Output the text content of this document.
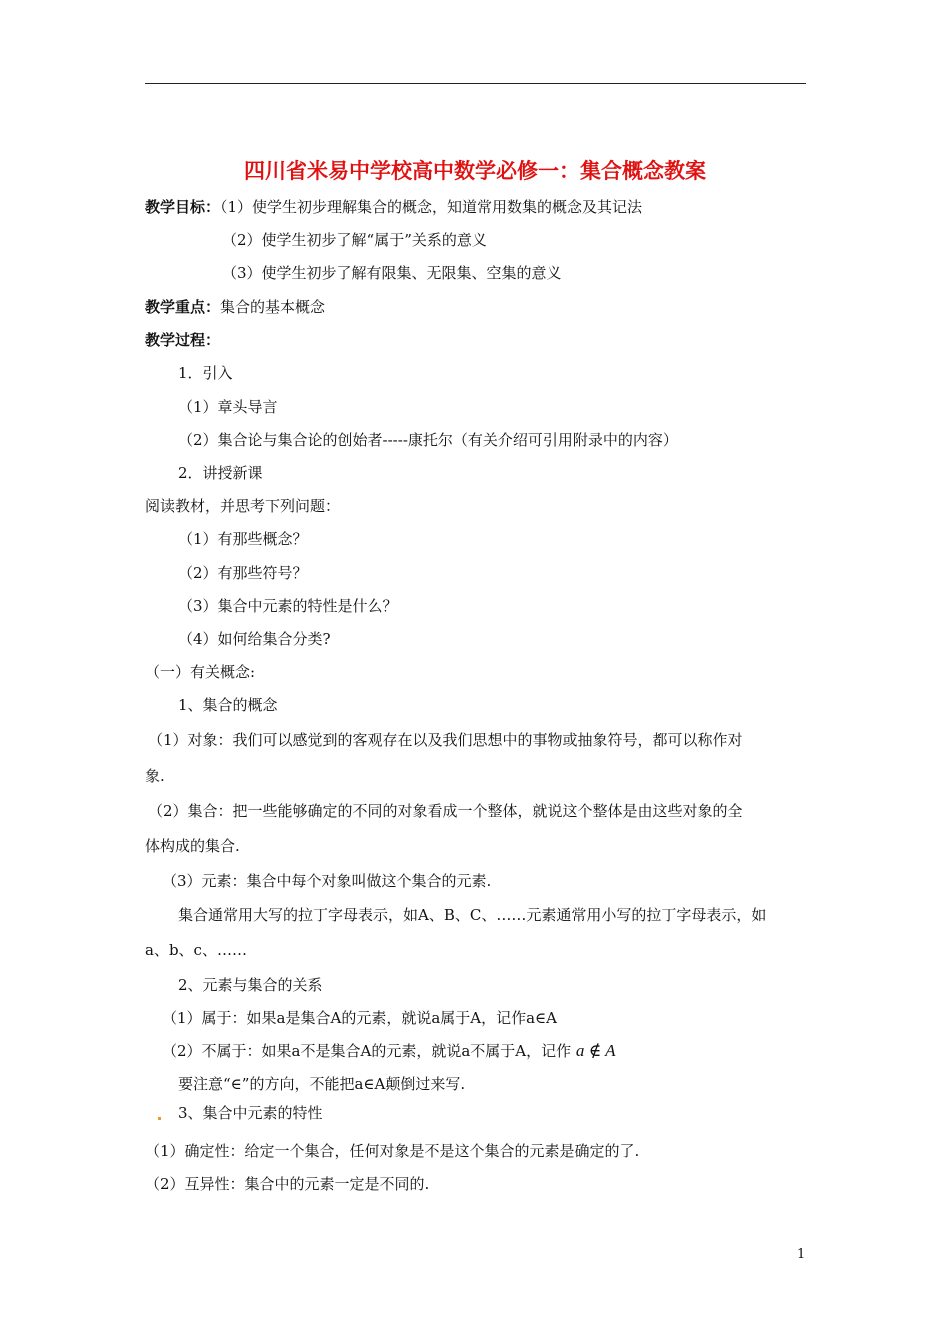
四川省米易中学校高中数学必修一：集合概念教案
教学目标：（1）使学生初步理解集合的概念，知道常用数集的概念及其记法
（2）使学生初步了解“属于”关系的意义
（3）使学生初步了解有限集、无限集、空集的意义
教学重点：集合的基本概念
教学过程：
1．引入
（1）章头导言
（2）集合论与集合论的创始者-----康托尔（有关介绍可引用附录中的内容）
2．讲授新课
阅读教材，并思考下列问题：
（1）有那些概念？
（2）有那些符号？
（3）集合中元素的特性是什么？
（4）如何给集合分类?
（一）有关概念:
1、集合的概念
（1）对象：我们可以感觉到的客观存在以及我们思想中的事物或抽象符号，都可以称作对
象.
（2）集合：把一些能够确定的不同的对象看成一个整体，就说这个整体是由这些对象的全
体构成的集合.
（3）元素：集合中每个对象叫做这个集合的元素.
集合通常用大写的拉丁字母表示，如A、B、C、……元素通常用小写的拉丁字母表示，如
a、b、c、……
2、元素与集合的关系
（1）属于：如果a是集合A的元素，就说a属于A，记作a∈A
（2）不属于：如果a不是集合A的元素，就说a不属于A，记作 a ∉ A
要注意“∈”的方向，不能把a∈A颠倒过来写.
3、集合中元素的特性
（1）确定性：给定一个集合，任何对象是不是这个集合的元素是确定的了.
（2）互异性：集合中的元素一定是不同的.
1
